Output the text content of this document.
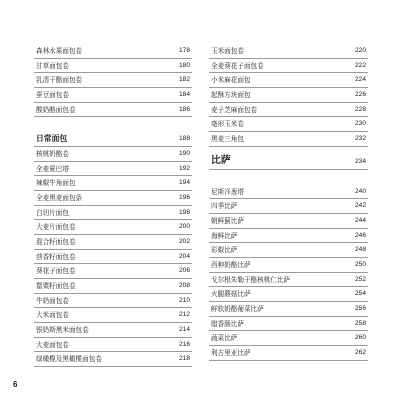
森林水果面包卷	178
甘草面包卷	180
乳清干酪面包卷	182
蚕豆面包卷	184
酸奶酪面包卷	186
日常面包	188
核桃奶酪卷	190
全麦夏巴塔	192
辣椒牛角面包	194
全麦黑麦面包条	196
白切片面包	198
大麦片面包卷	200
混合籽面包卷	202
茴香籽面包卷	204
葵花子面包卷	206
罂粟籽面包卷	208
牛奶面包卷	210
大米面包卷	212
银奶斯黑米面包卷	214
大麦面包卷	216
绿橄榄及黑橄榄面包卷	218
玉米面包卷	220
全麦葵花子面包卷	222
小米麻花面包	224
起酥方块面包	226
麦子芝麻面包卷	228
亳形玉米卷	230
黑麦三角包	232
比萨	234
尼斯洋葱塔	240
四季比萨	242
朝鲜蓟比萨	244
海鲜比萨	246
彩椒比萨	248
西种奶酪比萨	250
戈尔根朱勒干酪核桃仁比萨	252
火腿蘑菇比萨	254
鲜软奶酪葡菜比萨	256
腊香肠比萨	258
蔬菜比萨	260
利古里亚比萨	262
6
